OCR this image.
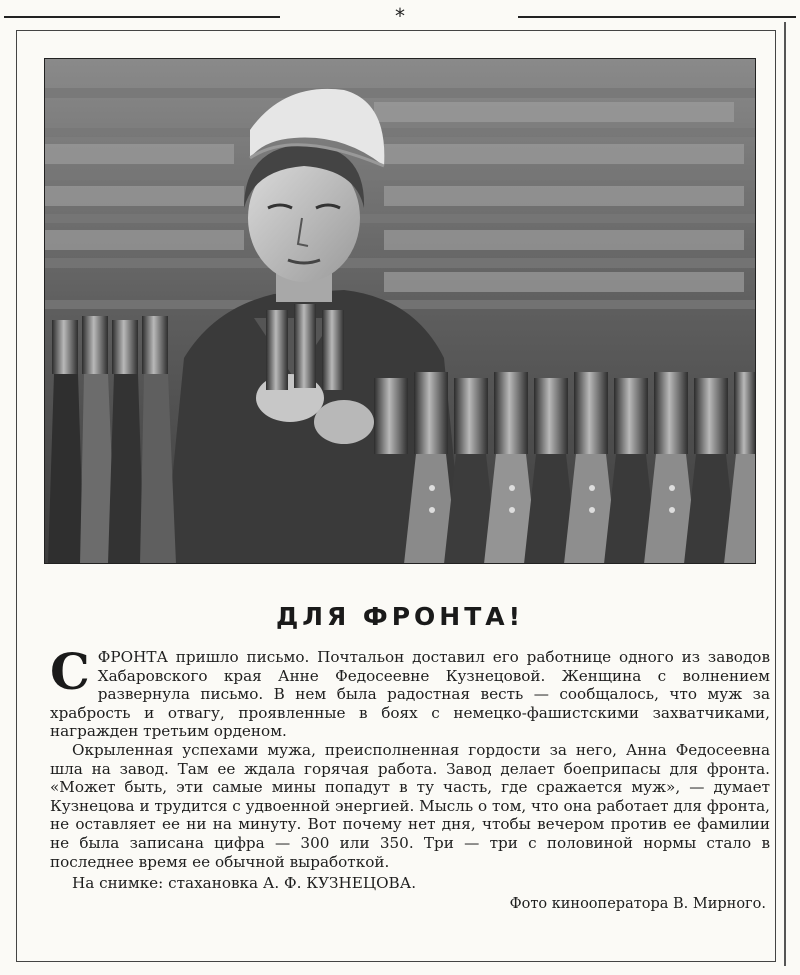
*
ДЛЯ ФРОНТА!

СФРОНТА пришло письмо. Почтальон доставил его работнице одного из заводов Хабаровского края Анне Федосеевне Кузнецовой. Женщина с волнением развернула письмо. В нем была радостная весть — сообщалось, что муж за храбрость и отвагу, проявленные в боях с немецко-фашистскими захватчиками, награжден третьим орденом.

Окрыленная успехами мужа, преисполненная гордости за него, Анна Федосеевна шла на завод. Там ее ждала горячая работа. Завод делает боеприпасы для фронта. «Может быть, эти самые мины попадут в ту часть, где сражается муж», — думает Кузнецова и трудится с удвоенной энергией. Мысль о том, что она работает для фронта, не оставляет ее ни на минуту. Вот почему нет дня, чтобы вечером против ее фамилии не была записана цифра — 300 или 350. Три — три с половиной нормы стало в последнее время ее обычной выработкой.

На снимке: стахановка А. Ф. КУЗНЕЦОВА.

Фото кинооператора В. Мирного.
